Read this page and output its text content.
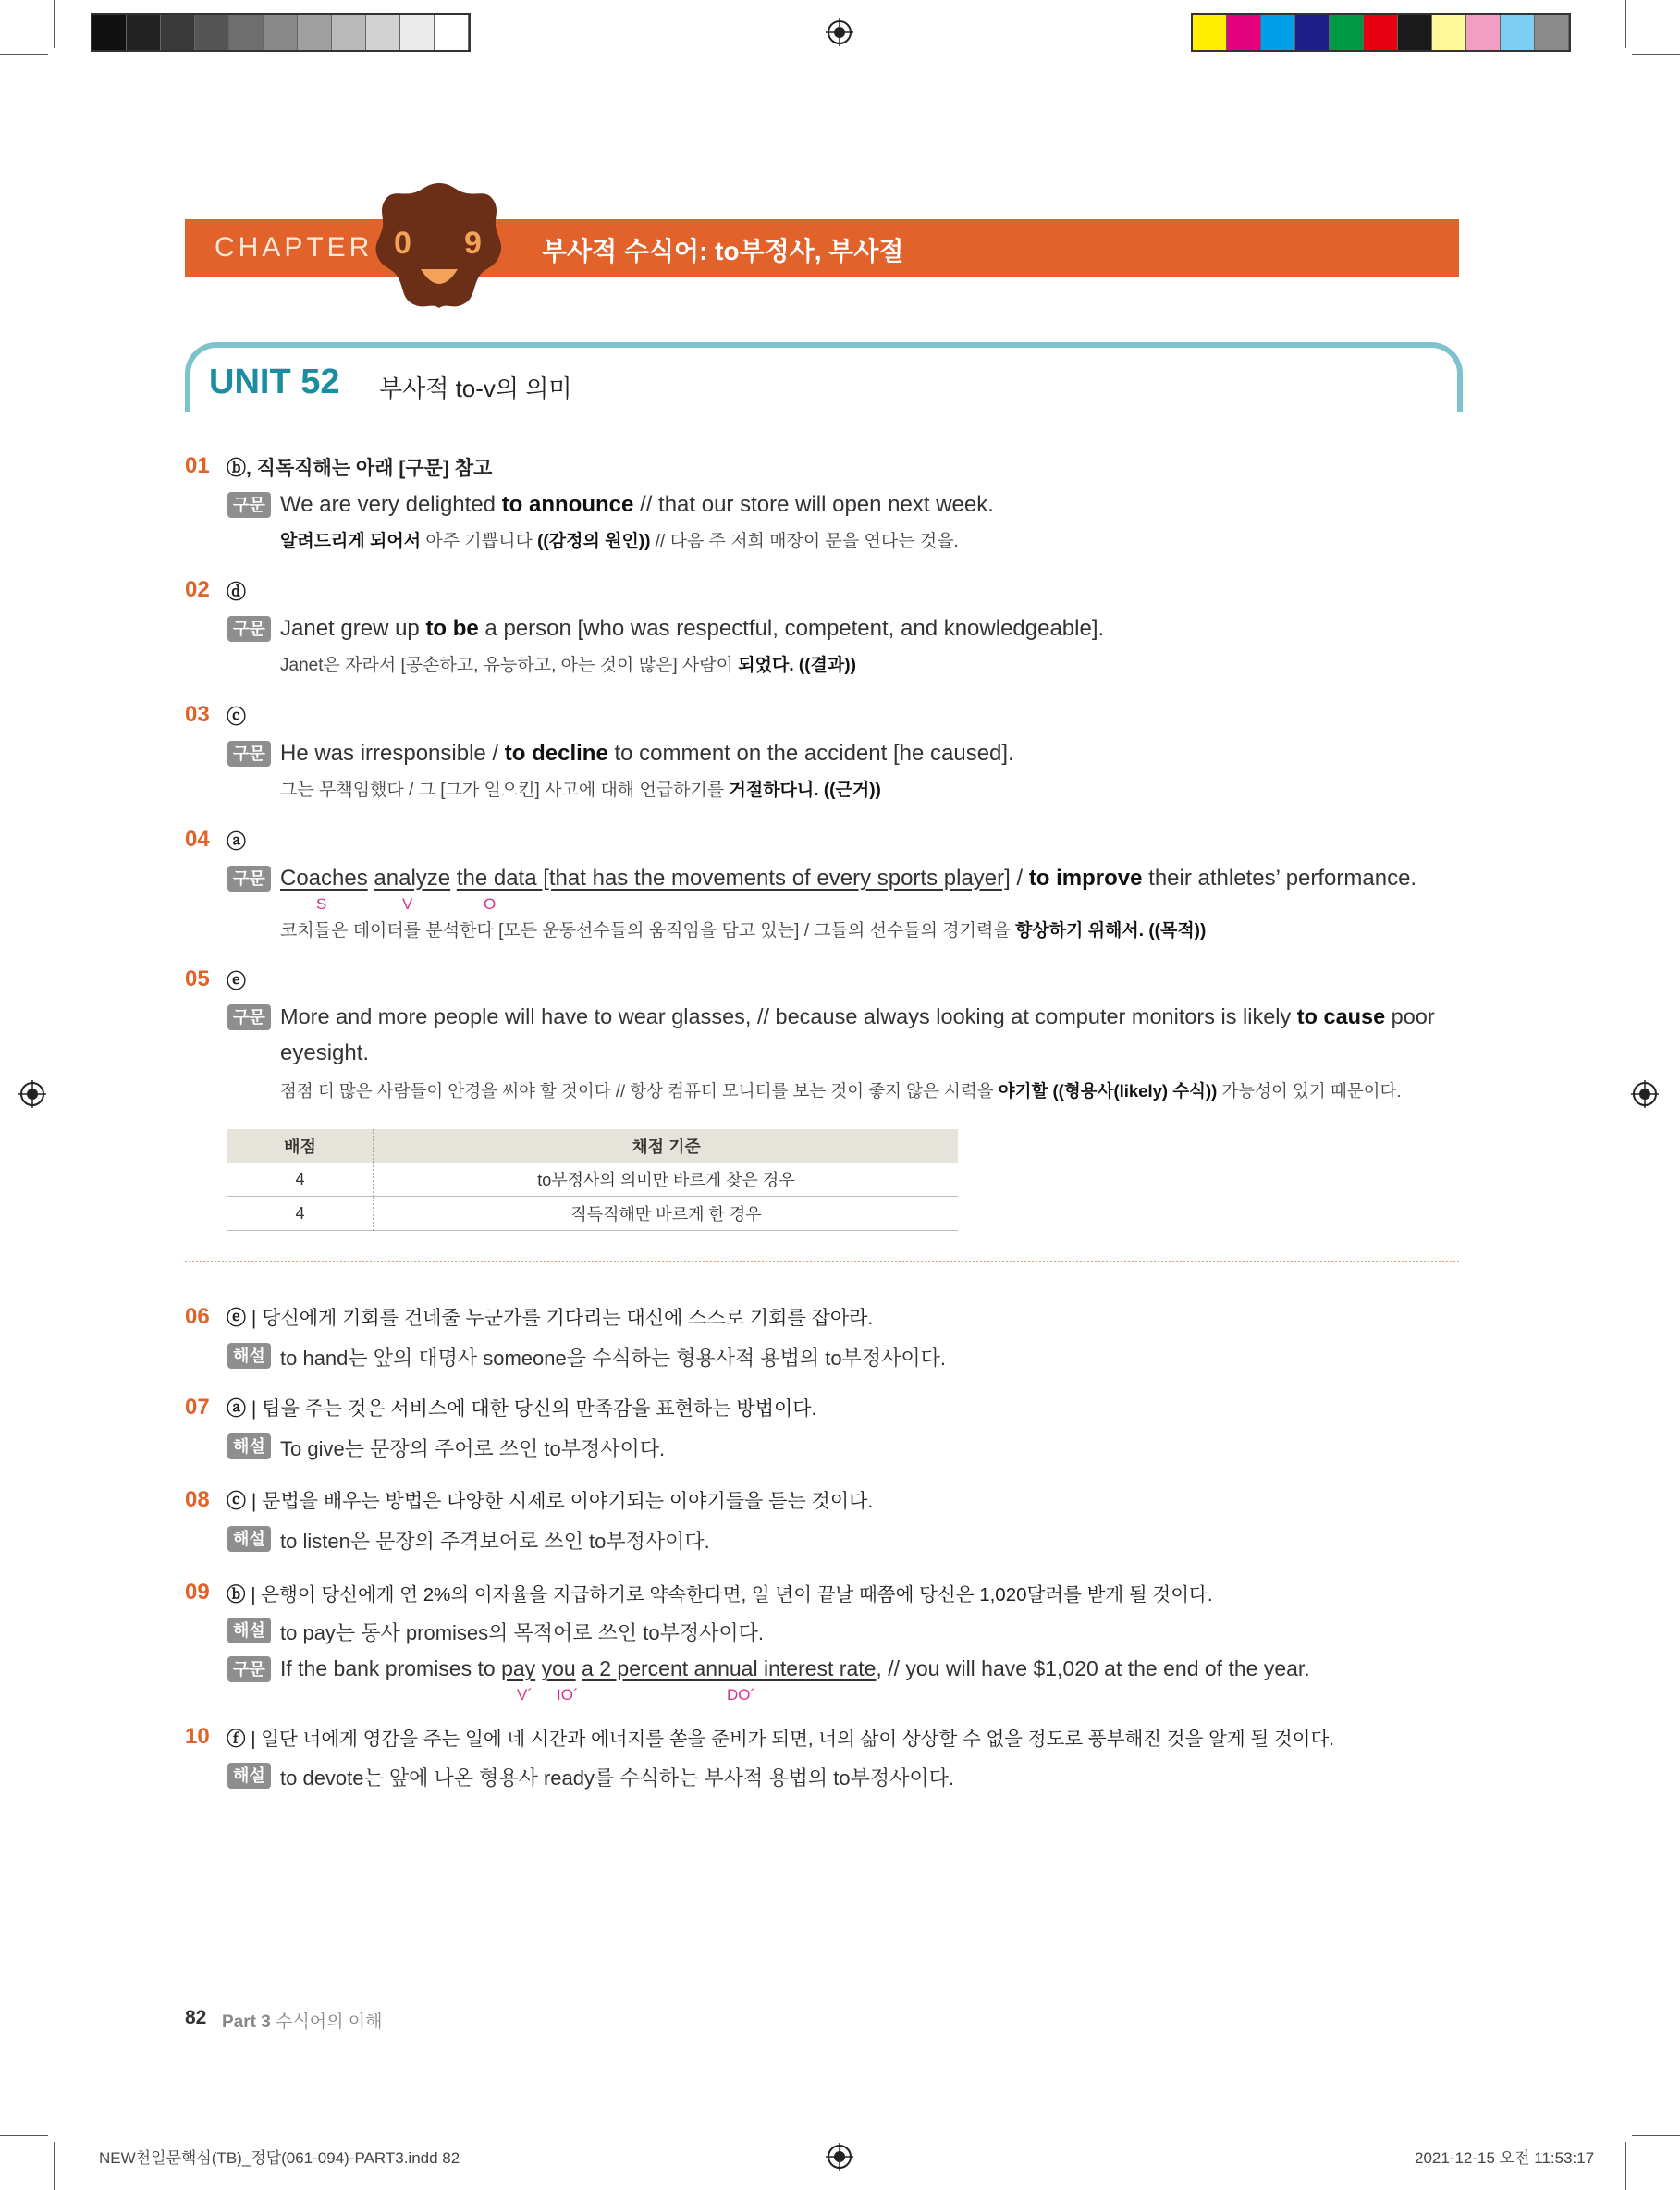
CHAPTER 0 9 부사적 수식어: to부정사, 부사절
UNIT 52 부사적 to-v의 의미
01 ⓑ, 직독직해는 아래 [구문] 참고
구문 We are very delighted to announce // that our store will open next week.
알려드리게 되어서 아주 기쁩니다 ((감정의 원인)) // 다음 주 저희 매장이 문을 연다는 것을.
02 ⓓ
구문 Janet grew up to be a person [who was respectful, competent, and knowledgeable].
Janet은 자라서 [공손하고, 유능하고, 아는 것이 많은] 사람이 되었다. ((결과))
03 ⓒ
구문 He was irresponsible / to decline to comment on the accident [he caused].
그는 무책임했다 / 그 [그가 일으킨] 사고에 대해 언급하기를 거절하다니. ((근거))
04 ⓐ
구문 Coaches analyze the data [that has the movements of every sports player] / to improve their athletes’ performance.
S	V	O
코치들은 데이터를 분석한다 [모든 운동선수들의 움직임을 담고 있는] / 그들의 선수들의 경기력을 향상하기 위해서. ((목적))
05 ⓔ
구문 More and more people will have to wear glasses, // because always looking at computer monitors is likely to cause poor
eyesight.
점점 더 많은 사람들이 안경을 써야 할 것이다 // 항상 컴퓨터 모니터를 보는 것이 좋지 않은 시력을 야기할 ((형용사(likely) 수식)) 가능성이 있기 때문이다.
배점	채점 기준
4	to부정사의 의미만 바르게 찾은 경우
4	직독직해만 바르게 한 경우
06 ⓔ | 당신에게 기회를 건네줄 누군가를 기다리는 대신에 스스로 기회를 잡아라.
해설 to hand는 앞의 대명사 someone을 수식하는 형용사적 용법의 to부정사이다.
07 ⓐ | 팁을 주는 것은 서비스에 대한 당신의 만족감을 표현하는 방법이다.
해설 To give는 문장의 주어로 쓰인 to부정사이다.
08 ⓒ | 문법을 배우는 방법은 다양한 시제로 이야기되는 이야기들을 듣는 것이다.
해설 to listen은 문장의 주격보어로 쓰인 to부정사이다.
09 ⓑ | 은행이 당신에게 연 2%의 이자율을 지급하기로 약속한다면, 일 년이 끝날 때쯤에 당신은 1,020달러를 받게 될 것이다.
해설 to pay는 동사 promises의 목적어로 쓰인 to부정사이다.
구문 If the bank promises to pay you a 2 percent annual interest rate, // you will have $1,020 at the end of the year.
V´ IO´	DO´
10 ⓕ | 일단 너에게 영감을 주는 일에 네 시간과 에너지를 쏟을 준비가 되면, 너의 삶이 상상할 수 없을 정도로 풍부해진 것을 알게 될 것이다.
해설 to devote는 앞에 나온 형용사 ready를 수식하는 부사적 용법의 to부정사이다.
82 Part 3 수식어의 이해
NEW천일문핵심(TB)_정답(061-094)-PART3.indd 82	2021-12-15 오전 11:53:17
